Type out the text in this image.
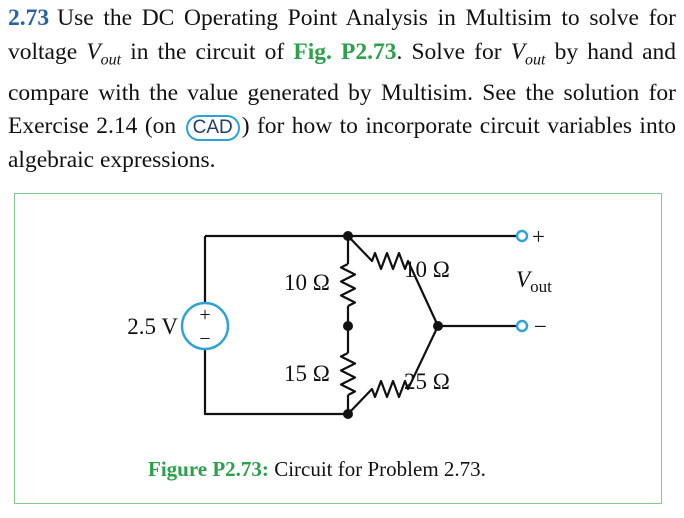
2.73 Use the DC Operating Point Analysis in Multisim to solve for voltage $V_{out}$ in the circuit of Fig. P2.73. Solve for $V_{out}$ by hand and compare with the value generated by Multisim. See the solution for Exercise 2.14 (on CAD ) for how to incorporate circuit variables into algebraic expressions.
+
−
2.5 V
+
−
$V_{out}$
10 Ω
10 Ω
15 Ω	25 Ω
Figure P2.73: Circuit for Problem 2.73.
